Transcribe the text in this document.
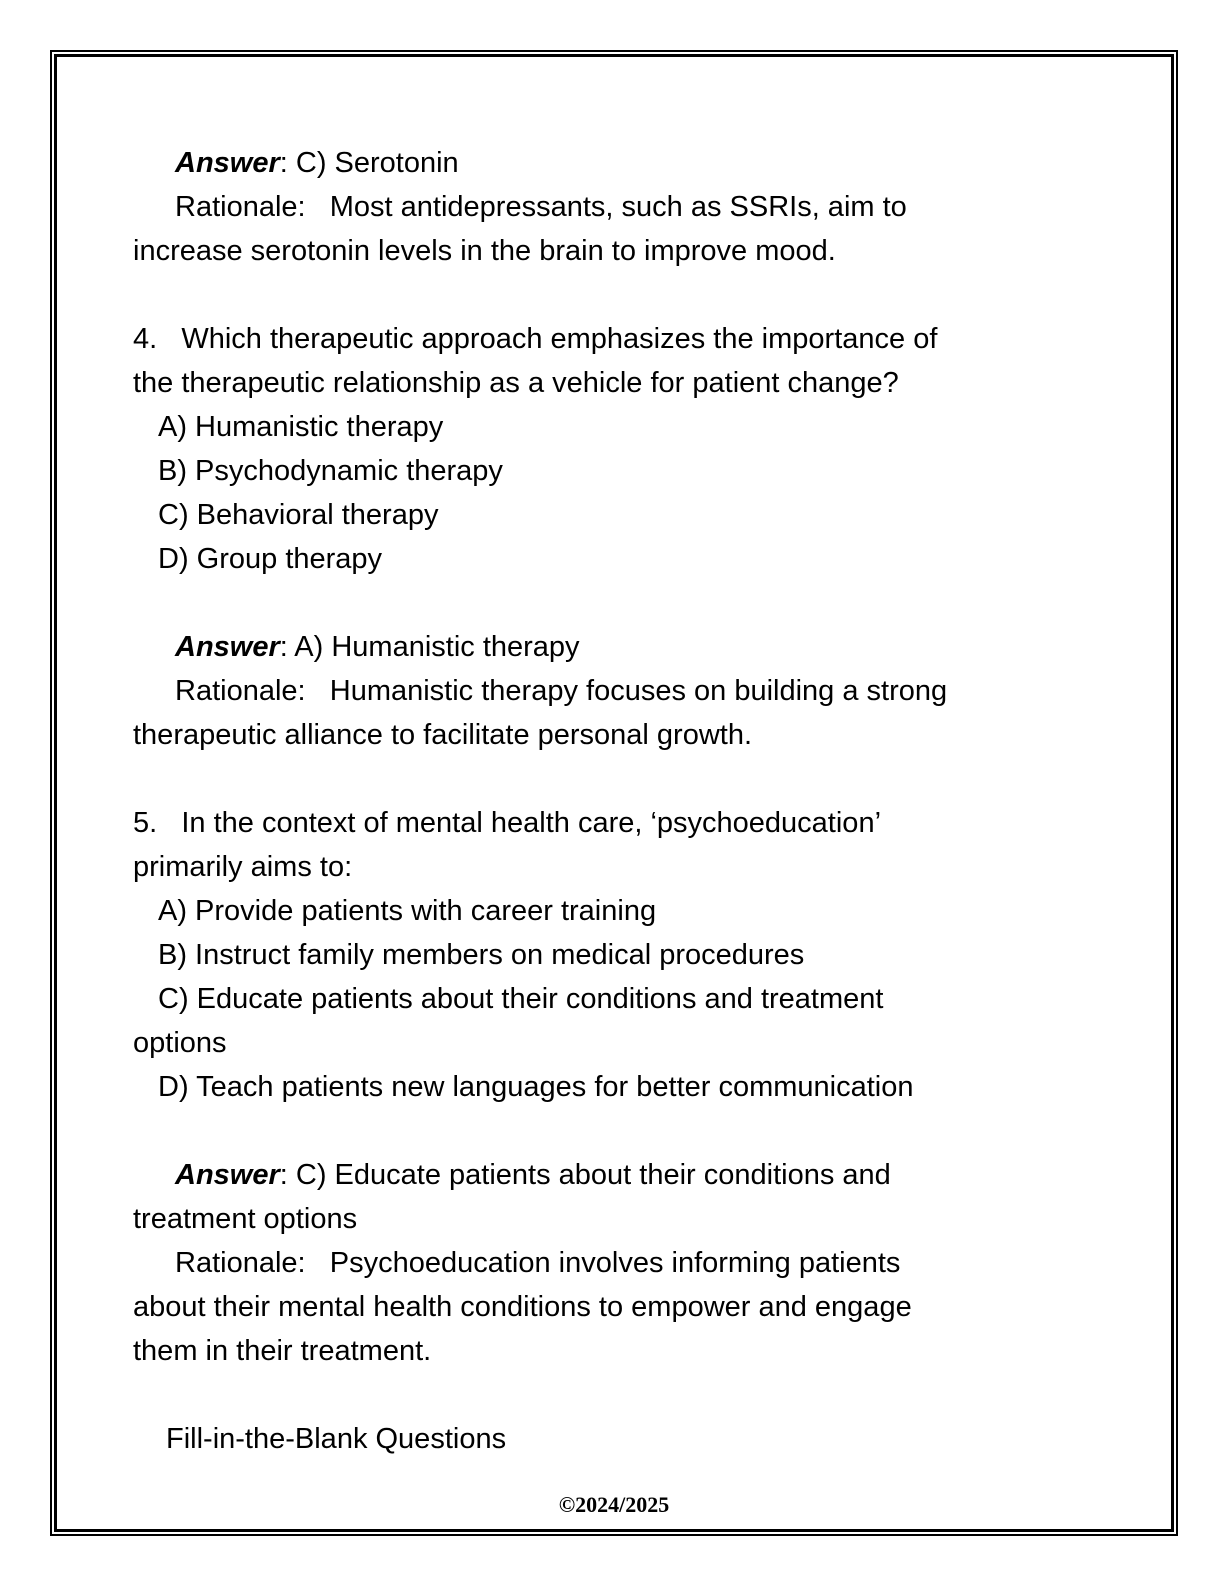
Answer: C) Serotonin
Rationale:   Most antidepressants, such as SSRIs, aim to
increase serotonin levels in the brain to improve mood.
4.   Which therapeutic approach emphasizes the importance of
the therapeutic relationship as a vehicle for patient change?
A) Humanistic therapy
B) Psychodynamic therapy
C) Behavioral therapy
D) Group therapy
Answer: A) Humanistic therapy
Rationale:   Humanistic therapy focuses on building a strong
therapeutic alliance to facilitate personal growth.
5.   In the context of mental health care, ‘psychoeducation’
primarily aims to:
A) Provide patients with career training
B) Instruct family members on medical procedures
C) Educate patients about their conditions and treatment
options
D) Teach patients new languages for better communication
Answer: C) Educate patients about their conditions and
treatment options
Rationale:   Psychoeducation involves informing patients
about their mental health conditions to empower and engage
them in their treatment.
Fill-in-the-Blank Questions
©2024/2025
